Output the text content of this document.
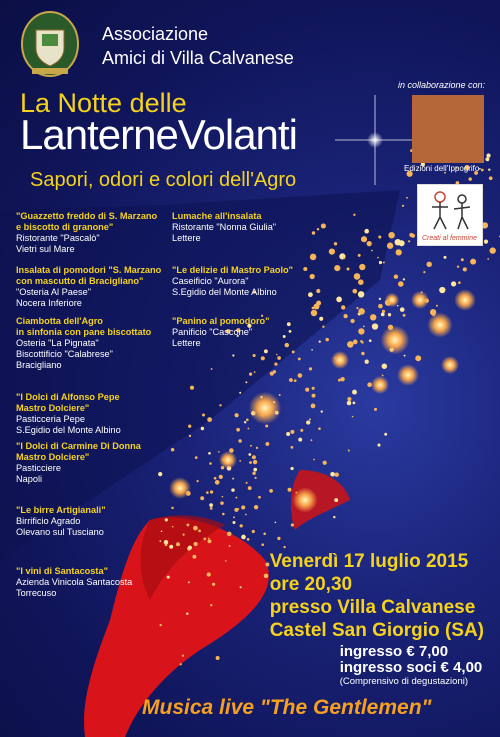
Associazione
Amici di Villa Calvanese
La Notte delle
LanterneVolanti
Sapori, odori e colori dell'Agro
in collaborazione con:
Edizioni dell'Ippogrifo
Creati al femmine
"Guazzetto freddo di S. Marzano
e biscotto di granone"
Ristorante "Pascalò"
Vietri sul Mare
Insalata di pomodori "S. Marzano
con mascutto di Bracigliano"
"Osteria Al Paese"
Nocera Inferiore
Ciambotta dell'Agro
in sinfonia con pane biscottato
Osteria "La Pignata"
Biscottificio "Calabrese"
Bracigliano
"I Dolci di Alfonso Pepe
Mastro Dolciere"
Pasticceria Pepe
S.Egidio del Monte Albino
"I Dolci di Carmine Di Donna
Mastro Dolciere"
Pasticciere
Napoli
"Le birre Artigianali"
Birrificio Agrado
Olevano sul Tusciano
"I vini di Santacosta"
Azienda Vinicola Santacosta
Torrecuso
Lumache all'insalata
Ristorante "Nonna Giulia"
Lettere
"Le delizie di Mastro Paolo"
Caseificio "Aurora"
S.Egidio del Monte Albino
"Panino al pomodoro"
Panificio "Cascone"
Lettere
Venerdì 17 luglio 2015
ore 20,30
presso Villa Calvanese
Castel San Giorgio (SA)
ingresso € 7,00
ingresso soci € 4,00
(Comprensivo di degustazioni)
Musica live "The Gentlemen"
